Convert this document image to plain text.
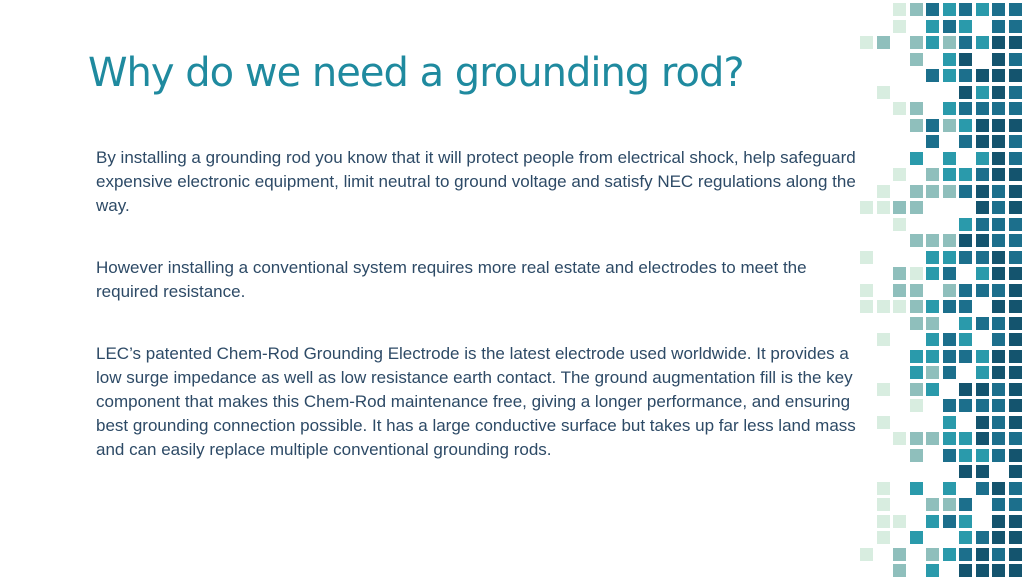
Why do we need a grounding rod?

By installing a grounding rod you know that it will protect people from electrical shock, help safeguard expensive electronic equipment, limit neutral to ground voltage and satisfy NEC regulations along the way.

However installing a conventional system requires more real estate and electrodes to meet the required resistance.

LEC’s patented Chem-Rod Grounding Electrode is the latest electrode used worldwide. It provides a low surge impedance as well as low resistance earth contact. The ground augmentation fill is the key component that makes this Chem-Rod maintenance free, giving a longer performance, and ensuring best grounding connection possible. It has a large conductive surface but takes up far less land mass and can easily replace multiple conventional grounding rods.
